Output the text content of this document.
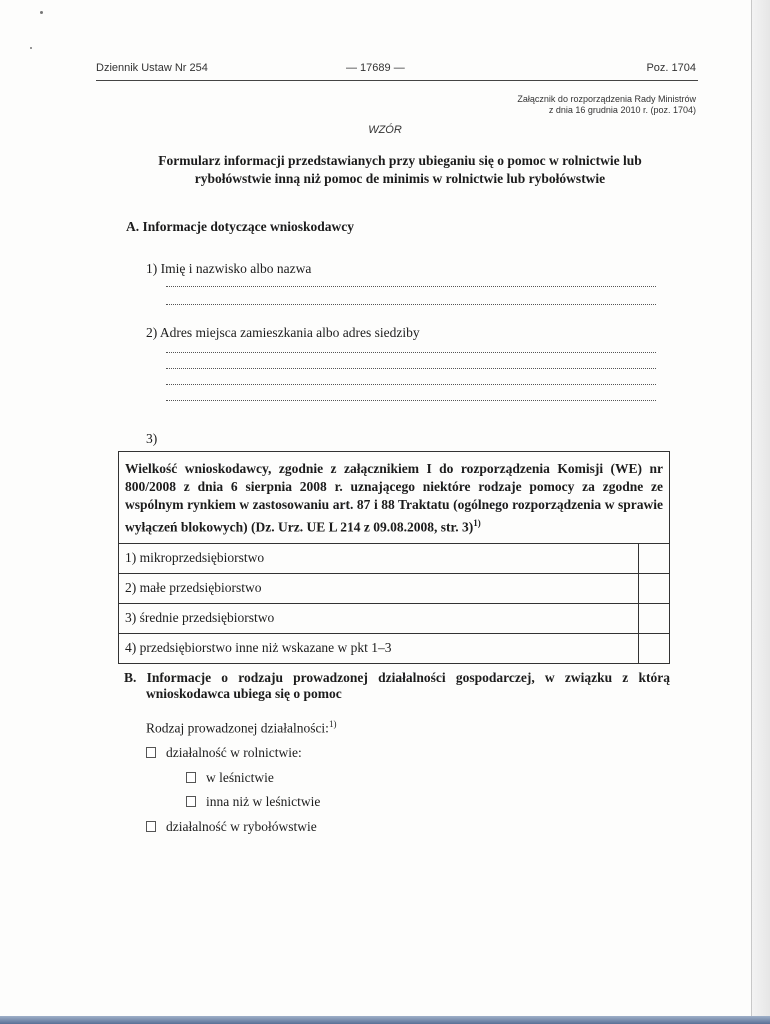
Dziennik Ustaw Nr 254	— 17689 —	Poz. 1704
Załącznik do rozporządzenia Rady Ministrów
z dnia 16 grudnia 2010 r. (poz. 1704)
WZÓR
Formularz informacji przedstawianych przy ubieganiu się o pomoc w rolnictwie lub
rybołówstwie inną niż pomoc de minimis w rolnictwie lub rybołówstwie
A. Informacje dotyczące wnioskodawcy
1) Imię i nazwisko albo nazwa
2) Adres miejsca zamieszkania albo adres siedziby
3)
Wielkość wnioskodawcy, zgodnie z załącznikiem I do rozporządzenia Komisji (WE) nr 800/2008 z dnia 6 sierpnia 2008 r. uznającego niektóre rodzaje pomocy za zgodne ze wspólnym rynkiem w zastosowaniu art. 87 i 88 Traktatu (ogólnego rozporządzenia w sprawie wyłączeń blokowych) (Dz. Urz. UE L 214 z 09.08.2008, str. 3)$^{1)}$
1) mikroprzedsiębiorstwo	
2) małe przedsiębiorstwo	
3) średnie przedsiębiorstwo	
4) przedsiębiorstwo inne niż wskazane w pkt 1–3	
B. Informacje o rodzaju prowadzonej działalności gospodarczej, w związku z którą
wnioskodawca ubiega się o pomoc
Rodzaj prowadzonej działalności:$^{1)}$
działalność w rolnictwie:
w leśnictwie
inna niż w leśnictwie
działalność w rybołówstwie
